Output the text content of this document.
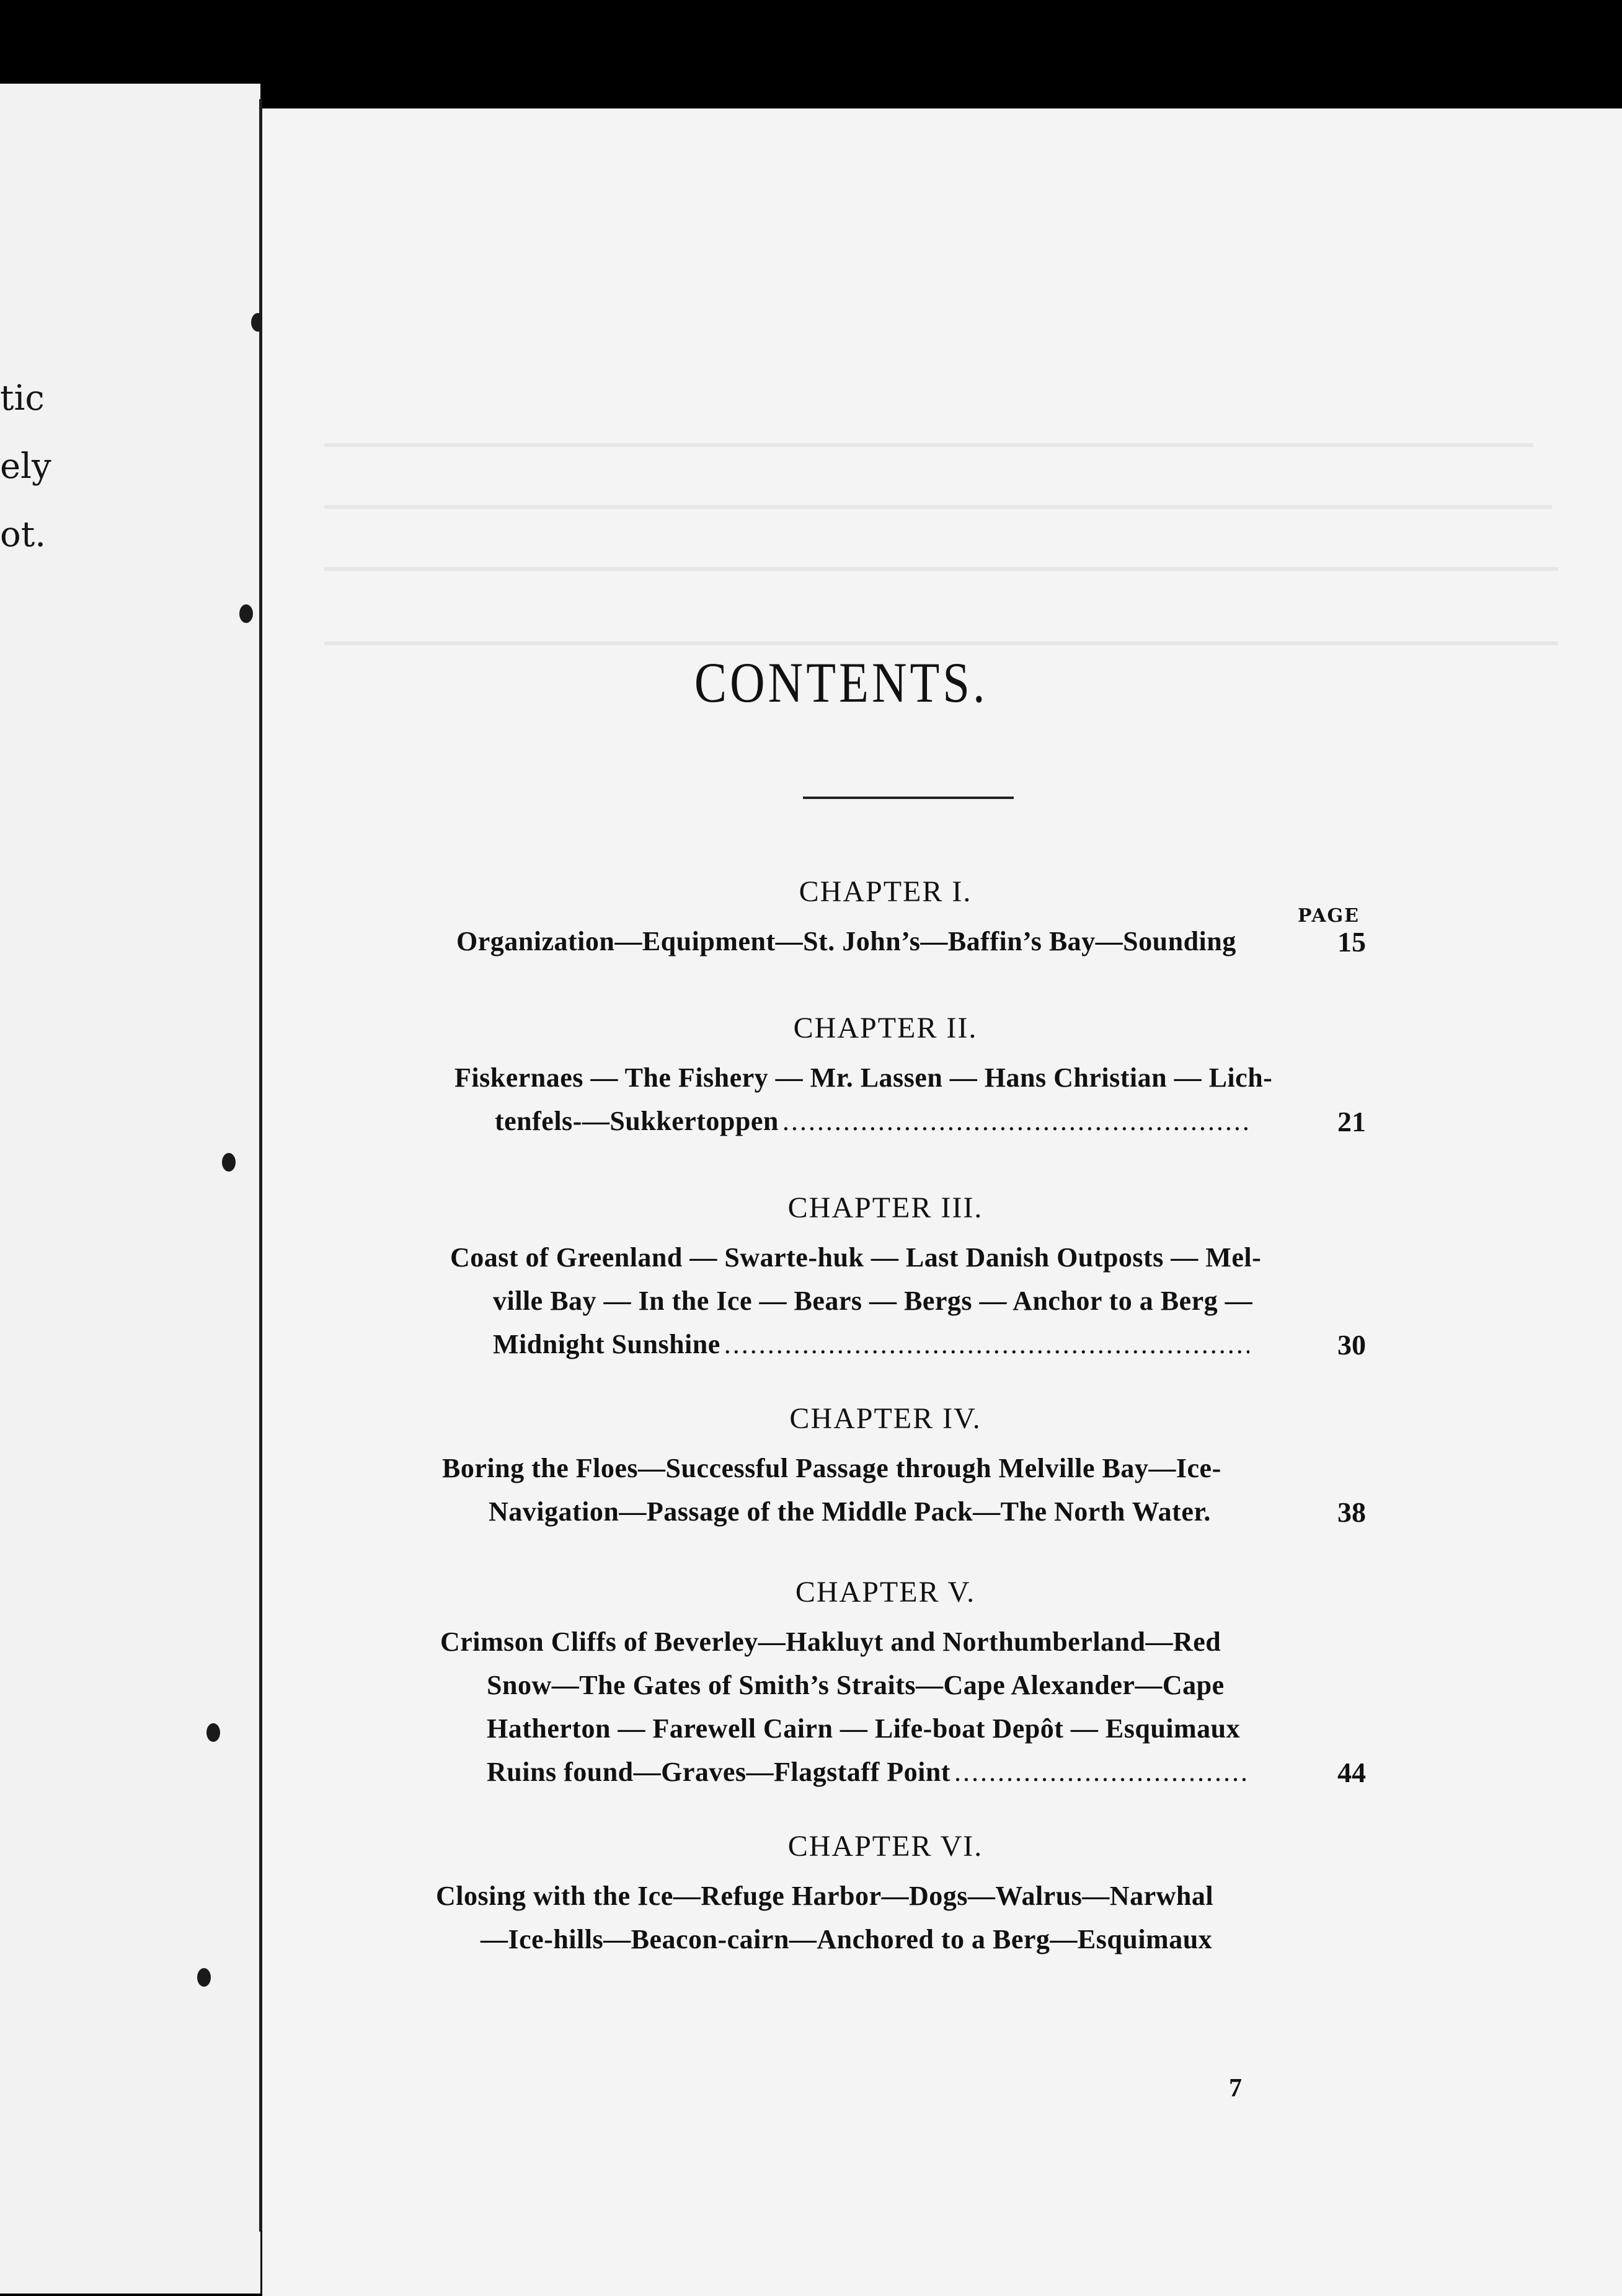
tic
ely
ot.
CONTENTS.
CHAPTER I.
PAGE
Organization—Equipment—St. John’s—Baffin’s Bay—Sounding	15
CHAPTER II.
Fiskernaes — The Fishery — Mr. Lassen — Hans Christian — Lich-
tenfels-—Sukkertoppen .....	21
CHAPTER III.
Coast of Greenland — Swarte-huk — Last Danish Outposts — Mel-
ville Bay — In the Ice — Bears — Bergs — Anchor to a Berg —
Midnight Sunshine .....	30
CHAPTER IV.
Boring the Floes—Successful Passage through Melville Bay—Ice-
Navigation—Passage of the Middle Pack—The North Water.	38
CHAPTER V.
Crimson Cliffs of Beverley—Hakluyt and Northumberland—Red
Snow—The Gates of Smith’s Straits—Cape Alexander—Cape
Hatherton — Farewell Cairn — Life-boat Depôt — Esquimaux
Ruins found—Graves—Flagstaff Point .....	44
CHAPTER VI.
Closing with the Ice—Refuge Harbor—Dogs—Walrus—Narwhal
—Ice-hills—Beacon-cairn—Anchored to a Berg—Esquimaux
7
